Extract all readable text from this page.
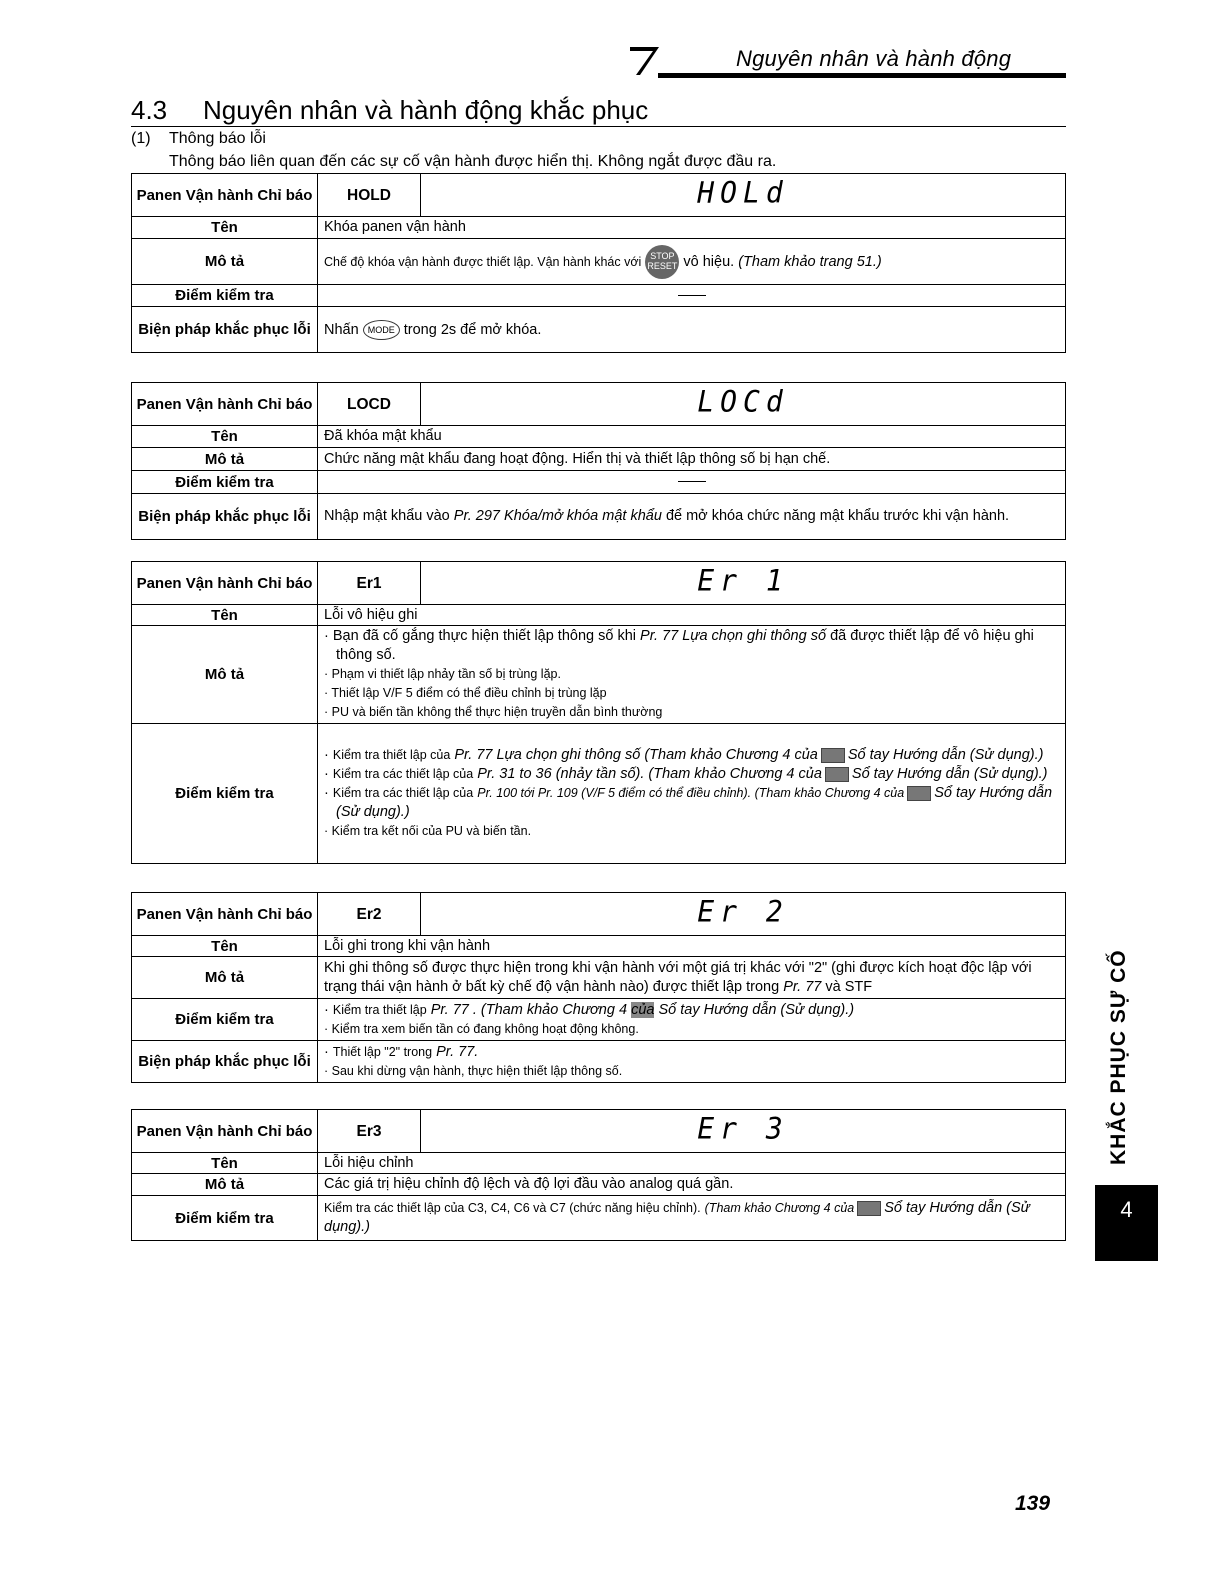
Nguyên nhân và hành động
4.3 Nguyên nhân và hành động khắc phục
(1) Thông báo lỗi
Thông báo liên quan đến các sự cố vận hành được hiển thị. Không ngắt được đầu ra.
Panen Vận hành Chỉ báo	HOLD	HOLd
Tên	Khóa panen vận hành	
Mô tả	Chế độ khóa vận hành được thiết lập. Vận hành khác với STOP RESET vô hiệu. (Tham khảo trang 51.)	
Điểm kiểm tra		
Biện pháp khắc phục lỗi	Nhấn MODE trong 2s để mở khóa.	
Panen Vận hành Chỉ báo	LOCD	LOCd
Tên	Đã khóa mật khẩu	
Mô tả	Chức năng mật khẩu đang hoạt động. Hiển thị và thiết lập thông số bị hạn chế.	
Điểm kiểm tra		
Biện pháp khắc phục lỗi	Nhập mật khẩu vào Pr. 297 Khóa/mở khóa mật khẩu để mở khóa chức năng mật khẩu trước khi vận hành.	
Panen Vận hành Chỉ báo	Er1	Er 1
Tên	Lỗi vô hiệu ghi	
Mô tả	· Bạn đã cố gắng thực hiện thiết lập thông số khi Pr. 77 Lựa chọn ghi thông số đã được thiết lập để vô hiệu ghi thông số.
· Phạm vi thiết lập nhảy tần số bị trùng lặp.
· Thiết lập V/F 5 điểm có thể điều chỉnh bị trùng lặp
· PU và biến tần không thể thực hiện truyền dẫn bình thường

Điểm kiểm tra	· Kiểm tra thiết lập của Pr. 77 Lựa chọn ghi thông số (Tham khảo Chương 4 của Sổ tay Hướng dẫn (Sử dụng).)
· Kiểm tra các thiết lập của Pr. 31 to 36 (nhảy tần số). (Tham khảo Chương 4 của Sổ tay Hướng dẫn (Sử dụng).)
· Kiểm tra các thiết lập của Pr. 100 tới Pr. 109 (V/F 5 điểm có thể điều chỉnh). (Tham khảo Chương 4 của Sổ tay Hướng dẫn (Sử dụng).)
· Kiểm tra kết nối của PU và biến tần.
Panen Vận hành Chỉ báo	Er2	Er 2
Tên	Lỗi ghi trong khi vận hành	
Mô tả	Khi ghi thông số được thực hiện trong khi vận hành với một giá trị khác với "2" (ghi được kích hoạt độc lập với trạng thái vận hành ở bất kỳ chế độ vận hành nào) được thiết lập trong Pr. 77 và STF	
Điểm kiểm tra	· Kiểm tra thiết lập Pr. 77 . (Tham khảo Chương 4 của Sổ tay Hướng dẫn (Sử dụng).)
· Kiểm tra xem biến tần có đang không hoạt động không.

Biện pháp khắc phục lỗi	· Thiết lập "2" trong Pr. 77.
· Sau khi dừng vận hành, thực hiện thiết lập thông số.
Panen Vận hành Chỉ báo	Er3	Er 3
Tên	Lỗi hiệu chỉnh	
Mô tả	Các giá trị hiệu chỉnh độ lệch và độ lợi đầu vào analog quá gần.	
Điểm kiểm tra	Kiểm tra các thiết lập của C3, C4, C6 và C7 (chức năng hiệu chỉnh). (Tham khảo Chương 4 của Sổ tay Hướng dẫn (Sử dụng).)	
KHẮC PHỤC SỰ CỐ
4
139
